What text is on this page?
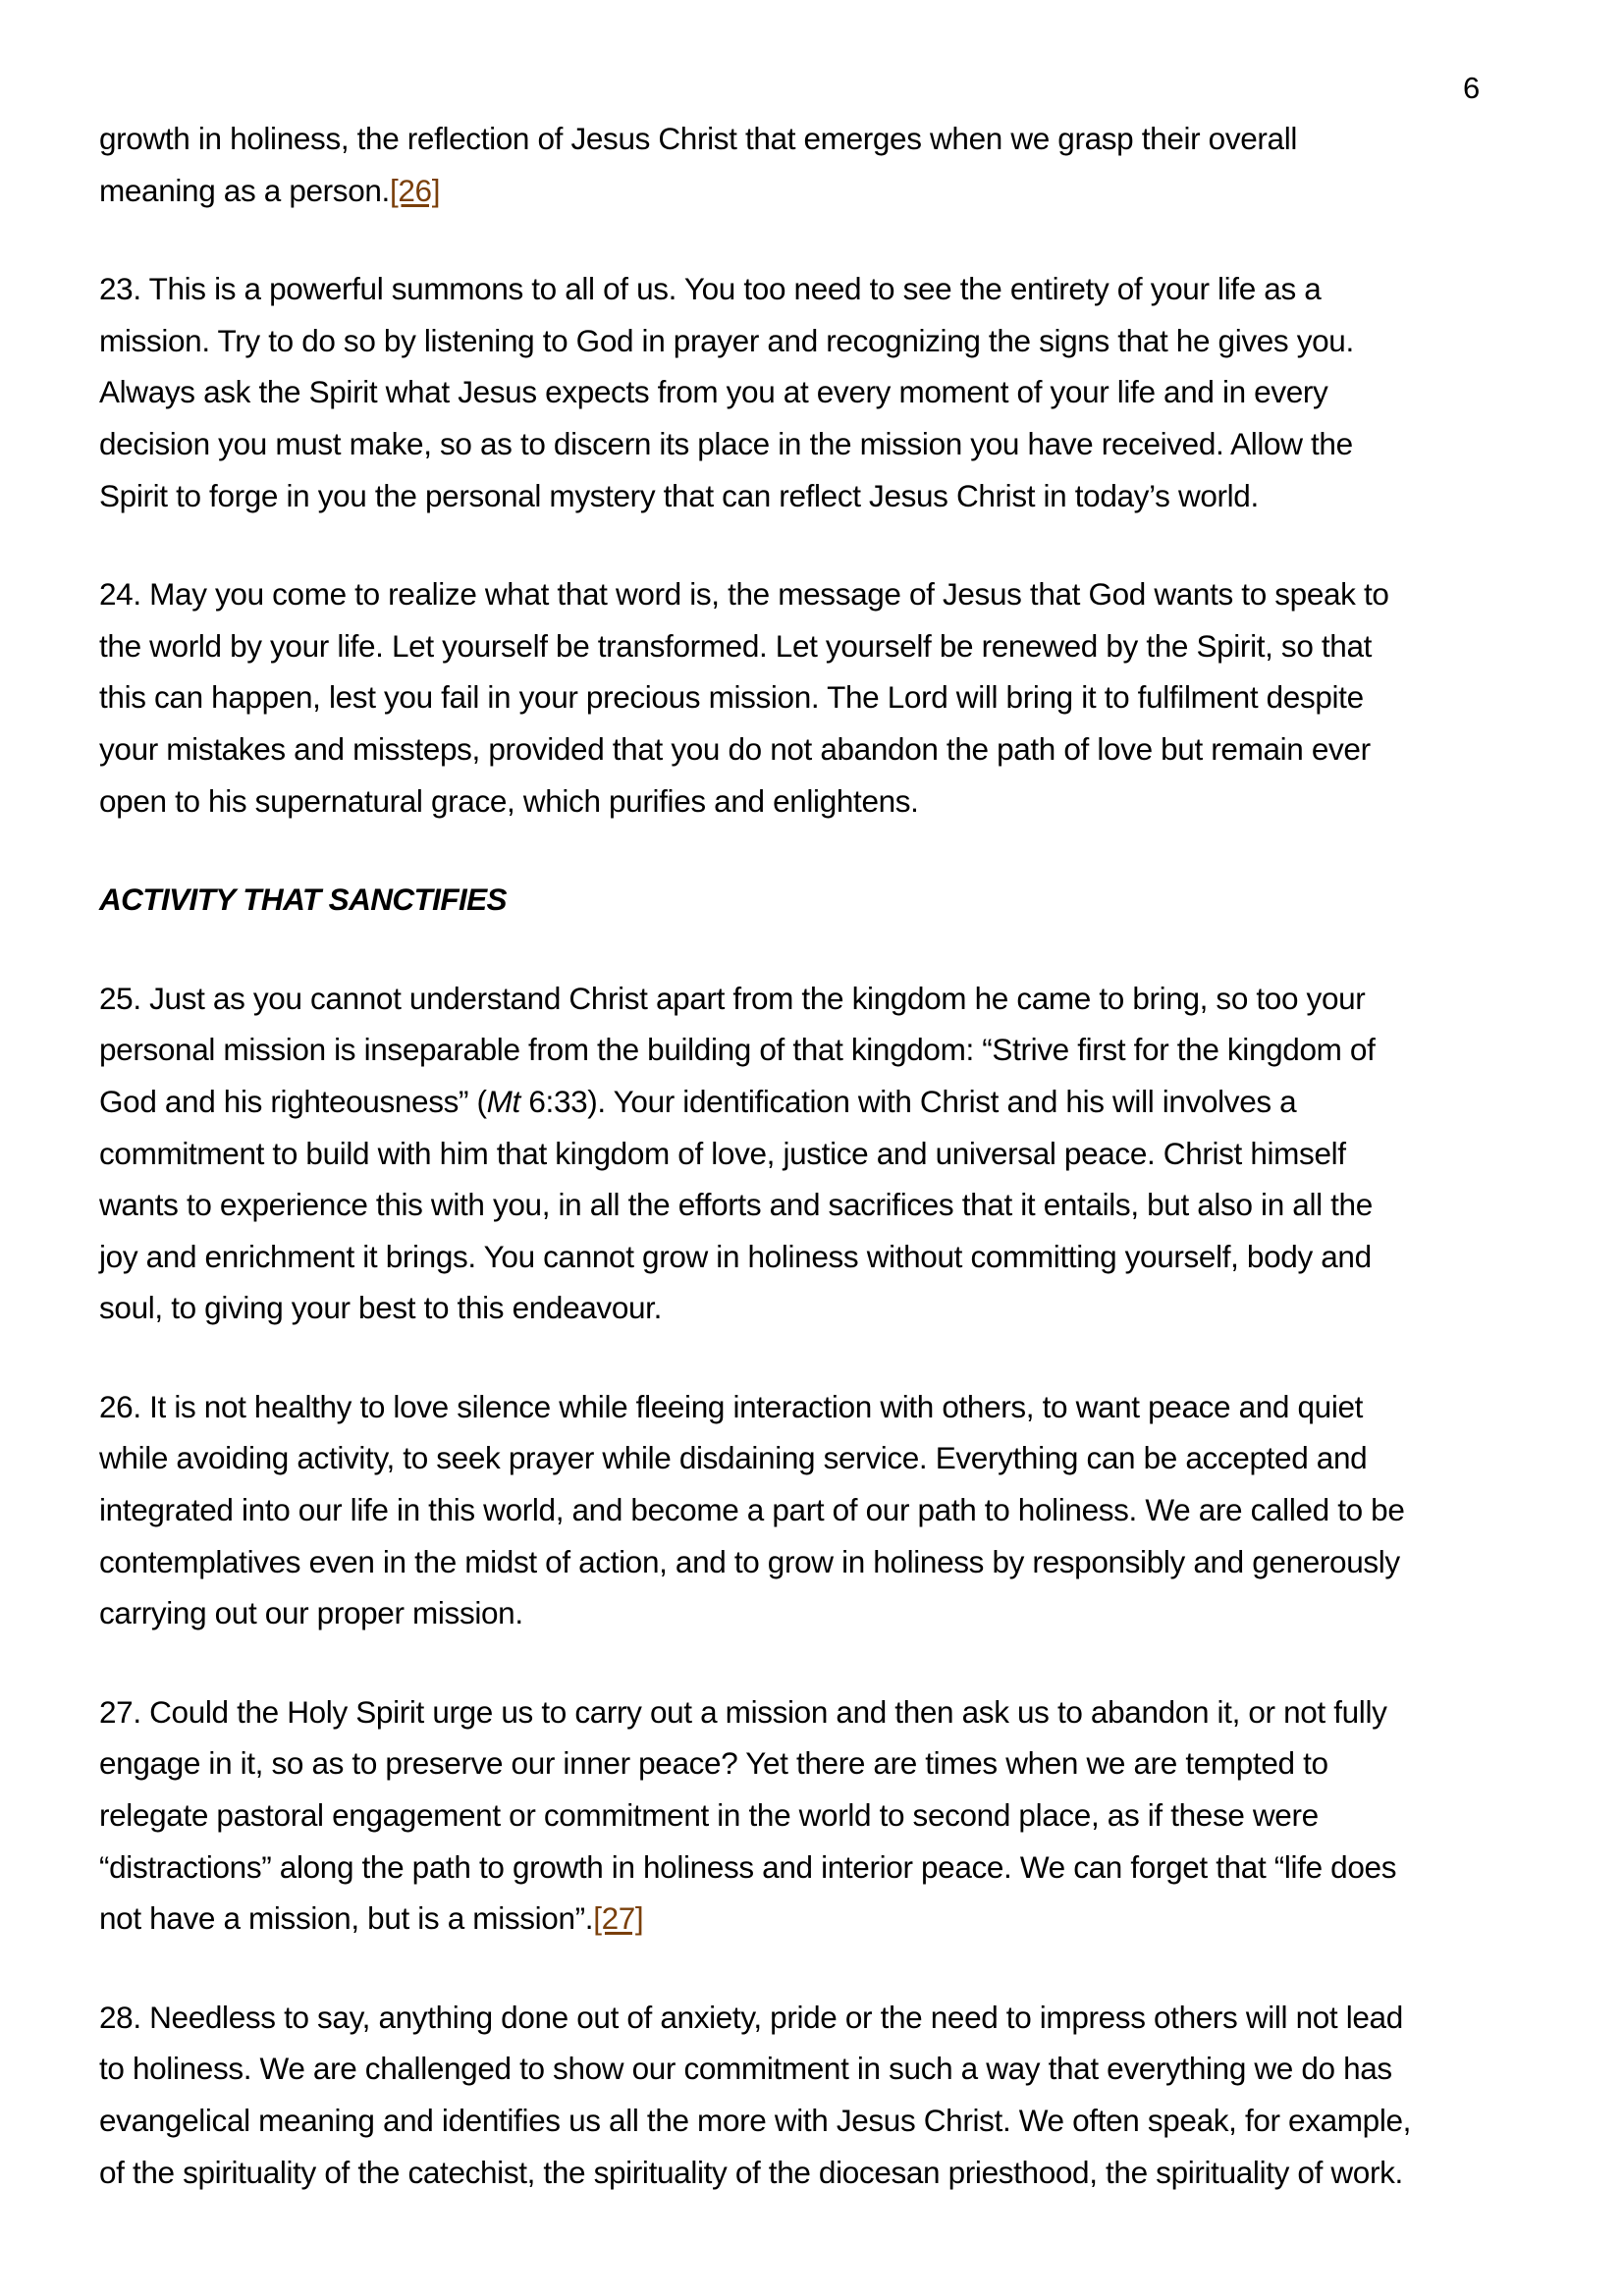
6

growth in holiness, the reflection of Jesus Christ that emerges when we grasp their overall
meaning as a person.[26]

23. This is a powerful summons to all of us. You too need to see the entirety of your life as a
mission. Try to do so by listening to God in prayer and recognizing the signs that he gives you.
Always ask the Spirit what Jesus expects from you at every moment of your life and in every
decision you must make, so as to discern its place in the mission you have received. Allow the
Spirit to forge in you the personal mystery that can reflect Jesus Christ in today’s world.

24. May you come to realize what that word is, the message of Jesus that God wants to speak to
the world by your life. Let yourself be transformed. Let yourself be renewed by the Spirit, so that
this can happen, lest you fail in your precious mission. The Lord will bring it to fulfilment despite
your mistakes and missteps, provided that you do not abandon the path of love but remain ever
open to his supernatural grace, which purifies and enlightens.

ACTIVITY THAT SANCTIFIES

25. Just as you cannot understand Christ apart from the kingdom he came to bring, so too your
personal mission is inseparable from the building of that kingdom: “Strive first for the kingdom of
God and his righteousness” (Mt 6:33). Your identification with Christ and his will involves a
commitment to build with him that kingdom of love, justice and universal peace. Christ himself
wants to experience this with you, in all the efforts and sacrifices that it entails, but also in all the
joy and enrichment it brings. You cannot grow in holiness without committing yourself, body and
soul, to giving your best to this endeavour.

26. It is not healthy to love silence while fleeing interaction with others, to want peace and quiet
while avoiding activity, to seek prayer while disdaining service. Everything can be accepted and
integrated into our life in this world, and become a part of our path to holiness. We are called to be
contemplatives even in the midst of action, and to grow in holiness by responsibly and generously
carrying out our proper mission.

27. Could the Holy Spirit urge us to carry out a mission and then ask us to abandon it, or not fully
engage in it, so as to preserve our inner peace? Yet there are times when we are tempted to
relegate pastoral engagement or commitment in the world to second place, as if these were
“distractions” along the path to growth in holiness and interior peace. We can forget that “life does
not have a mission, but is a mission”.[27]

28. Needless to say, anything done out of anxiety, pride or the need to impress others will not lead
to holiness. We are challenged to show our commitment in such a way that everything we do has
evangelical meaning and identifies us all the more with Jesus Christ. We often speak, for example,
of the spirituality of the catechist, the spirituality of the diocesan priesthood, the spirituality of work.
